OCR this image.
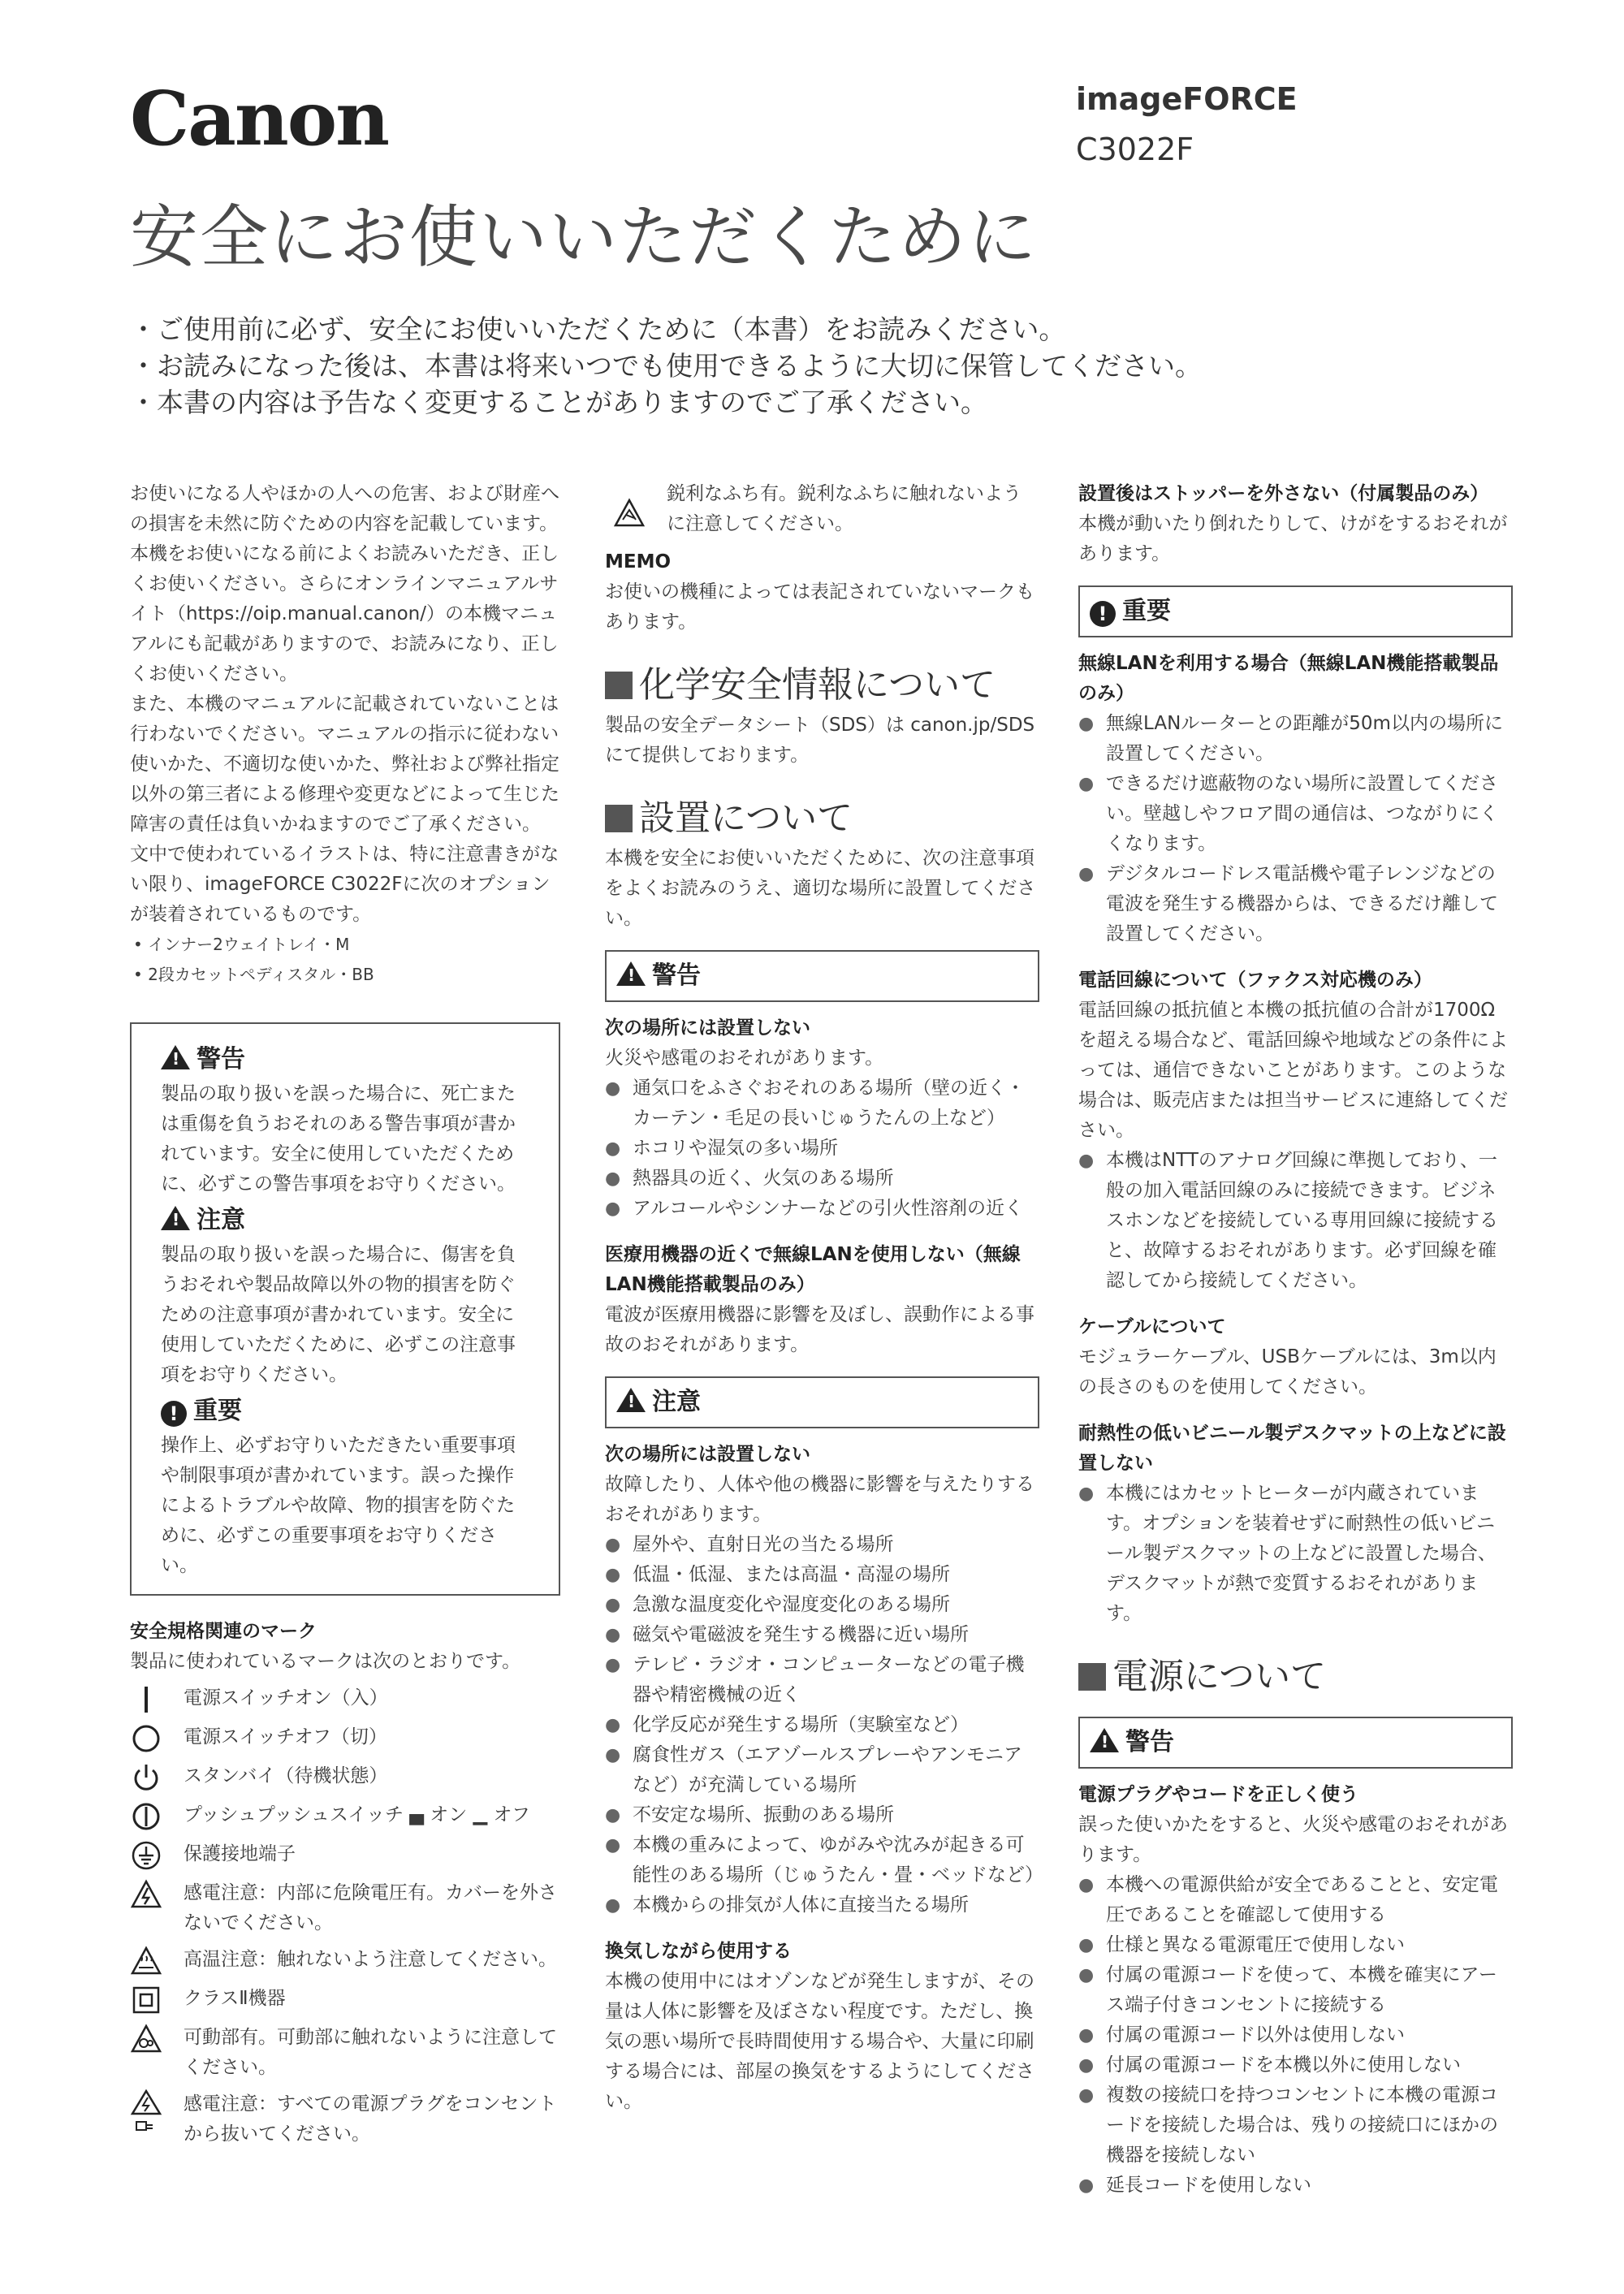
Canon	imageFORCE
C3022F
安全にお使いいただくために
・ご使用前に必ず、安全にお使いいただくために（本書）をお読みください。
・お読みになった後は、本書は将来いつでも使用できるように大切に保管してください。
・本書の内容は予告なく変更することがありますのでご了承ください。

お使いになる人やほかの人への危害、および財産への損害を未然に防ぐための内容を記載しています。本機をお使いになる前によくお読みいただき、正しくお使いください。さらにオンラインマニュアルサイト（https://oip.manual.canon/）の本機マニュアルにも記載がありますので、お読みになり、正しくお使いください。

また、本機のマニュアルに記載されていないことは行わないでください。マニュアルの指示に従わない使いかた、不適切な使いかた、弊社および弊社指定以外の第三者による修理や変更などによって生じた障害の責任は負いかねますのでご了承ください。

文中で使われているイラストは、特に注意書きがない限り、imageFORCE C3022Fに次のオプションが装着されているものです。

• インナー2ウェイトレイ・M

• 2段カセットペディスタル・BB

!警告

製品の取り扱いを誤った場合に、死亡または重傷を負うおそれのある警告事項が書かれています。安全に使用していただくために、必ずこの警告事項をお守りください。

!注意

製品の取り扱いを誤った場合に、傷害を負うおそれや製品故障以外の物的損害を防ぐための注意事項が書かれています。安全に使用していただくために、必ずこの注意事項をお守りください。

! 重要

操作上、必ずお守りいただきたい重要事項や制限事項が書かれています。誤った操作によるトラブルや故障、物的損害を防ぐために、必ずこの重要事項をお守りください。

安全規格関連のマーク

製品に使われているマークは次のとおりです。

電源スイッチオン（入）
電源スイッチオフ（切）
スタンバイ（待機状態）
プッシュプッシュスイッチ ▄ オン ▁ オフ
保護接地端子
感電注意：内部に危険電圧有。カバーを外さないでください。
高温注意：触れないよう注意してください。
クラスⅡ機器
可動部有。可動部に触れないように注意してください。
感電注意：すべての電源プラグをコンセントから抜いてください。
鋭利なふち有。鋭利なふちに触れないように注意してください。

MEMO

お使いの機種によっては表記されていないマークもあります。

化学安全情報について

製品の安全データシート（SDS）は canon.jp/SDS にて提供しております。

設置について

本機を安全にお使いいただくために、次の注意事項をよくお読みのうえ、適切な場所に設置してください。

!警告

次の場所には設置しない

火災や感電のおそれがあります。

● 通気口をふさぐおそれのある場所（壁の近く・カーテン・毛足の長いじゅうたんの上など）

● ホコリや湿気の多い場所

● 熱器具の近く、火気のある場所

● アルコールやシンナーなどの引火性溶剤の近く

医療用機器の近くで無線LANを使用しない（無線LAN機能搭載製品のみ）

電波が医療用機器に影響を及ぼし、誤動作による事故のおそれがあります。

!注意

次の場所には設置しない

故障したり、人体や他の機器に影響を与えたりするおそれがあります。

● 屋外や、直射日光の当たる場所

● 低温・低湿、または高温・高湿の場所

● 急激な温度変化や湿度変化のある場所

● 磁気や電磁波を発生する機器に近い場所

● テレビ・ラジオ・コンピューターなどの電子機器や精密機械の近く

● 化学反応が発生する場所（実験室など）

● 腐食性ガス（エアゾールスプレーやアンモニアなど）が充満している場所

● 不安定な場所、振動のある場所

● 本機の重みによって、ゆがみや沈みが起きる可能性のある場所（じゅうたん・畳・ベッドなど）

● 本機からの排気が人体に直接当たる場所

換気しながら使用する

本機の使用中にはオゾンなどが発生しますが、その量は人体に影響を及ぼさない程度です。ただし、換気の悪い場所で長時間使用する場合や、大量に印刷する場合には、部屋の換気をするようにしてください。

設置後はストッパーを外さない（付属製品のみ）

本機が動いたり倒れたりして、けがをするおそれがあります。

! 重要

無線LANを利用する場合（無線LAN機能搭載製品のみ）

● 無線LANルーターとの距離が50m以内の場所に設置してください。

● できるだけ遮蔽物のない場所に設置してください。壁越しやフロア間の通信は、つながりにくくなります。

● デジタルコードレス電話機や電子レンジなどの電波を発生する機器からは、できるだけ離して設置してください。

電話回線について（ファクス対応機のみ）

電話回線の抵抗値と本機の抵抗値の合計が1700Ωを超える場合など、電話回線や地域などの条件によっては、通信できないことがあります。このような場合は、販売店または担当サービスに連絡してください。

● 本機はNTTのアナログ回線に準拠しており、一般の加入電話回線のみに接続できます。ビジネスホンなどを接続している専用回線に接続すると、故障するおそれがあります。必ず回線を確認してから接続してください。

ケーブルについて

モジュラーケーブル、USBケーブルには、3m以内の長さのものを使用してください。

耐熱性の低いビニール製デスクマットの上などに設置しない

● 本機にはカセットヒーターが内蔵されています。オプションを装着せずに耐熱性の低いビニール製デスクマットの上などに設置した場合、デスクマットが熱で変質するおそれがあります。

電源について

!警告

電源プラグやコードを正しく使う

誤った使いかたをすると、火災や感電のおそれがあります。

● 本機への電源供給が安全であることと、安定電圧であることを確認して使用する

● 仕様と異なる電源電圧で使用しない

● 付属の電源コードを使って、本機を確実にアース端子付きコンセントに接続する

● 付属の電源コード以外は使用しない

● 付属の電源コードを本機以外に使用しない

● 複数の接続口を持つコンセントに本機の電源コードを接続した場合は、残りの接続口にほかの機器を接続しない

● 延長コードを使用しない
